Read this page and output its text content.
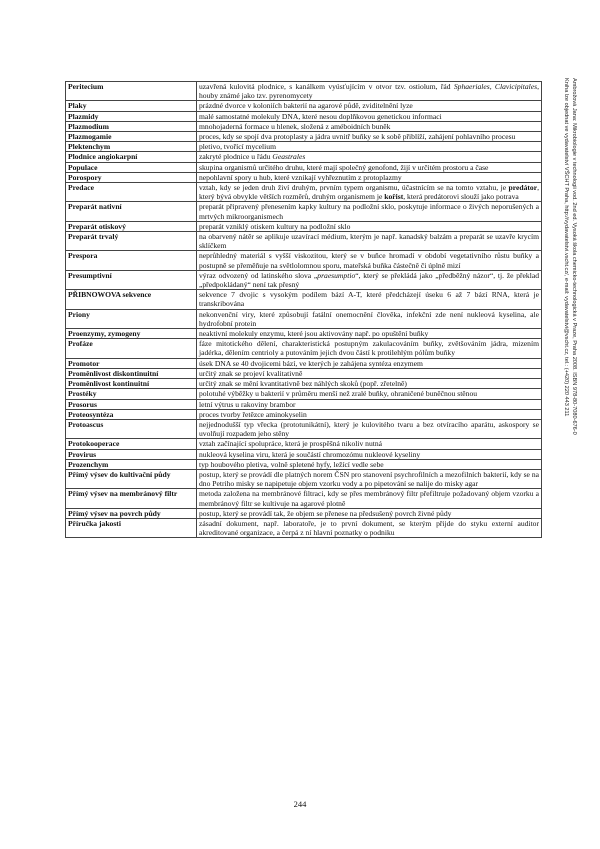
Ambrožová Jana: Mikrobiologie v technologii vod. 2nd ed. Vysoká škola chemicko-technologická v Praze, Praha 2008. ISBN 978-80-7080-676-0
Kniha lze objednat ve vydavatelství VŠCHT Praha, http://vydavatelstvi.vscht.cz/, e-mail: vydavatelstvi@vscht.cz, tel.: (+420) 220 443 211
Peritecium	uzavřená kulovitá plodnice, s kanálkem vyúsťujícím v otvor tzv. ostiolum, řád Sphaeriales, Clavicipitales, houby známé jako tzv. pyrenomycety
Plaky	prázdné dvorce v koloniích bakterií na agarové půdě, zviditelnění lyze
Plazmidy	malé samostatné molekuly DNA, které nesou doplňkovou genetickou informaci
Plazmodium	mnohojaderná formace u hlenek, složená z améboidních buněk
Plazmogamie	proces, kdy se spojí dva protoplasty a jádra uvnitř buňky se k sobě přiblíží, zahájení pohlavního procesu
Plektenchym	pletivo, tvořící mycelium
Plodnice angiokarpní	zakryté plodnice u řádu Geastrales
Populace	skupina organismů určitého druhu, které mají společný genofond, žijí v určitém prostoru a čase
Porospory	nepohlavní spory u hub, které vznikají vyhřeznutím z protoplazmy
Predace	vztah, kdy se jeden druh živí druhým, prvním typem organismu, účastnícím se na tomto vztahu, je predátor, který bývá obvykle větších rozměrů, druhým organismem je kořist, která predátorovi slouží jako potrava
Preparát nativní	preparát připravený přenesením kapky kultury na podložní sklo, poskytuje informace o živých neporušených a mrtvých mikroorganismech
Preparát otiskový	preparát vzniklý otiskem kultury na podložní sklo
Preparát trvalý	na obarvený nátěr se aplikuje uzavírací médium, kterým je např. kanadský balzám a preparát se uzavře krycím sklíčkem
Prespora	neprůhledný materiál s vyšší viskozitou, který se v buňce hromadí v období vegetativního růstu buňky a postupně se přeměňuje na světlolomnou sporu, mateřská buňka částečně či úplně mizí
Presumptivní	výraz odvozený od latinského slova „praesumptio“, který se překládá jako „předběžný názor“, tj. že překlad „předpokládaný“ není tak přesný
PŘIBNOWOVA sekvence	sekvence 7 dvojic s vysokým podílem bází A-T, které předcházejí úseku 6 až 7 bází RNA, která je transkribována
Priony	nekonvenční viry, které způsobují fatální onemocnění člověka, infekční zde není nukleová kyselina, ale hydrofobní protein
Proenzymy, zymogeny	neaktivní molekuly enzymu, které jsou aktivovány např. po opuštění buňky
Profáze	fáze mitotického dělení, charakteristická postupným zakulacováním buňky, zvětšováním jádra, mizením jadérka, dělením centrioly a putováním jejich dvou částí k protilehlým pólům buňky
Promotor	úsek DNA se 40 dvojicemi bází, ve kterých je zahájena syntéza enzymem
Proměnlivost diskontinuitní	určitý znak se projeví kvalitativně
Proměnlivost kontinuitní	určitý znak se mění kvantitativně bez náhlých skoků (popř. zřetelně)
Prostéky	polotuhé výběžky u bakterií v průměru menší než zralé buňky, ohraničené buněčnou stěnou
Prosorus	letní výtrus u rakoviny brambor
Proteosyntéza	proces tvorby řetězce aminokyselin
Protoascus	nejjednodušší typ vřecka (prototunikátní), který je kulovitého tvaru a bez otvíracího aparátu, askospory se uvolňují rozpadem jeho stěny
Protokooperace	vztah začínající spolupráce, která je prospěšná nikoliv nutná
Provirus	nukleová kyselina viru, která je součástí chromozómu nukleové kyseliny
Prozenchym	typ houbového pletiva, volně spletené hyfy, ležící vedle sebe
Přímý výsev do kultivační půdy	postup, který se provádí dle platných norem ČSN pro stanovení psychrofilních a mezofilních bakterií, kdy se na dno Petriho misky se napipetuje objem vzorku vody a po pipetování se nalije do misky agar
Přímý výsev na membránový filtr	metoda založena na membránové filtraci, kdy se přes membránový filtr přefiltruje požadovaný objem vzorku a membránový filtr se kultivuje na agarové plotně
Přímý výsev na povrch půdy	postup, který se provádí tak, že objem se přenese na předsušený povrch živné půdy
Příručka jakosti	zásadní dokument, např. laboratoře, je to první dokument, se kterým přijde do styku externí auditor akreditované organizace, a čerpá z ní hlavní poznatky o podniku
244
